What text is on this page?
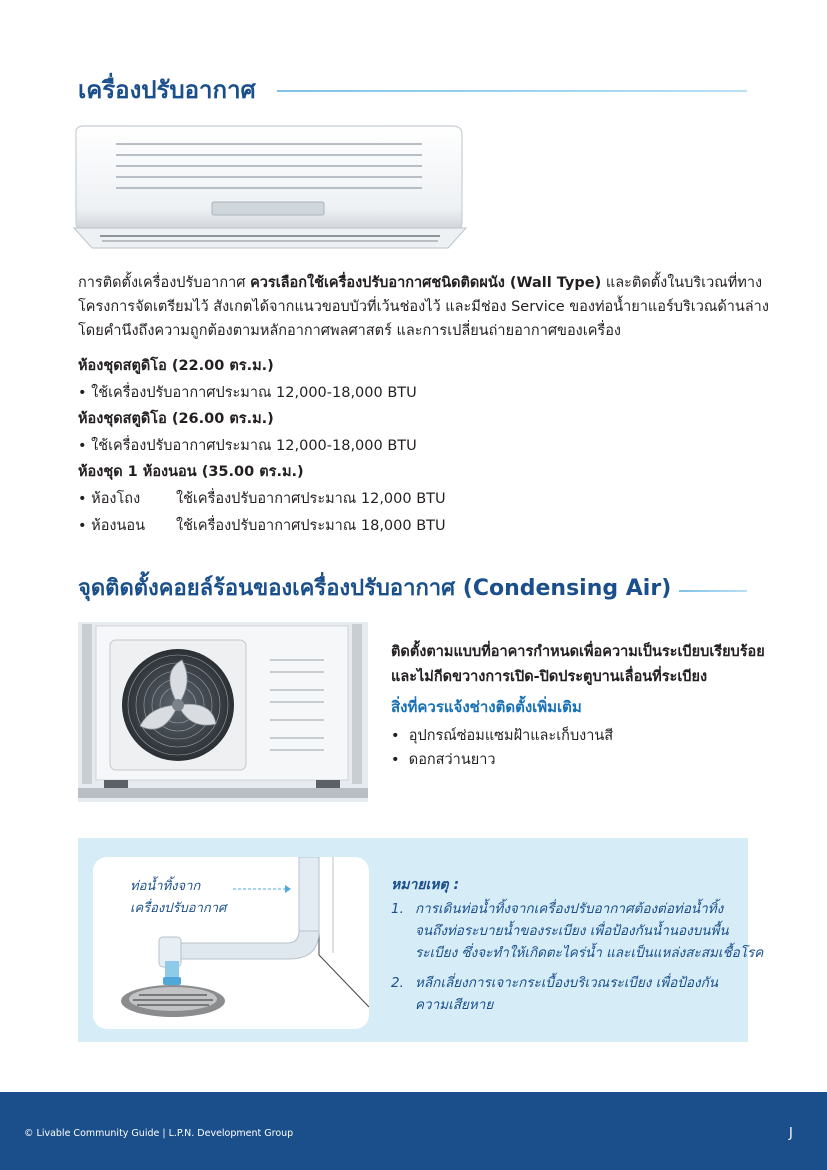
เครื่องปรับอากาศ
การติดตั้งเครื่องปรับอากาศ ควรเลือกใช้เครื่องปรับอากาศชนิดติดผนัง (Wall Type) และติดตั้งในบริเวณที่ทาง
โครงการจัดเตรียมไว้ สังเกตได้จากแนวขอบบัวที่เว้นช่องไว้ และมีช่อง Service ของท่อน้ำยาแอร์บริเวณด้านล่าง
โดยคำนึงถึงความถูกต้องตามหลักอากาศพลศาสตร์ และการเปลี่ยนถ่ายอากาศของเครื่อง
ห้องชุดสตูดิโอ (22.00 ตร.ม.)
• ใช้เครื่องปรับอากาศประมาณ 12,000-18,000 BTU
ห้องชุดสตูดิโอ (26.00 ตร.ม.)
• ใช้เครื่องปรับอากาศประมาณ 12,000-18,000 BTU
ห้องชุด 1 ห้องนอน (35.00 ตร.ม.)
• ห้องโถง ใช้เครื่องปรับอากาศประมาณ 12,000 BTU
• ห้องนอน ใช้เครื่องปรับอากาศประมาณ 18,000 BTU
จุดติดตั้งคอยล์ร้อนของเครื่องปรับอากาศ (Condensing Air)
ติดตั้งตามแบบที่อาคารกำหนดเพื่อความเป็นระเบียบเรียบร้อย
และไม่กีดขวางการเปิด-ปิดประตูบานเลื่อนที่ระเบียง
สิ่งที่ควรแจ้งช่างติดตั้งเพิ่มเติม
•  อุปกรณ์ซ่อมแซมฝ้าและเก็บงานสี
•  ดอกสว่านยาว
ท่อน้ำทิ้งจาก
เครื่องปรับอากาศ
หมายเหตุ :
1. การเดินท่อน้ำทิ้งจากเครื่องปรับอากาศต้องต่อท่อน้ำทิ้ง
จนถึงท่อระบายน้ำของระเบียง เพื่อป้องกันน้ำนองบนพื้น
ระเบียง ซึ่งจะทำให้เกิดตะไคร่น้ำ และเป็นแหล่งสะสมเชื้อโรค
2. หลีกเลี่ยงการเจาะกระเบื้องบริเวณระเบียง เพื่อป้องกัน
ความเสียหาย
© Livable Community Guide | L.P.N. Development Group	J
